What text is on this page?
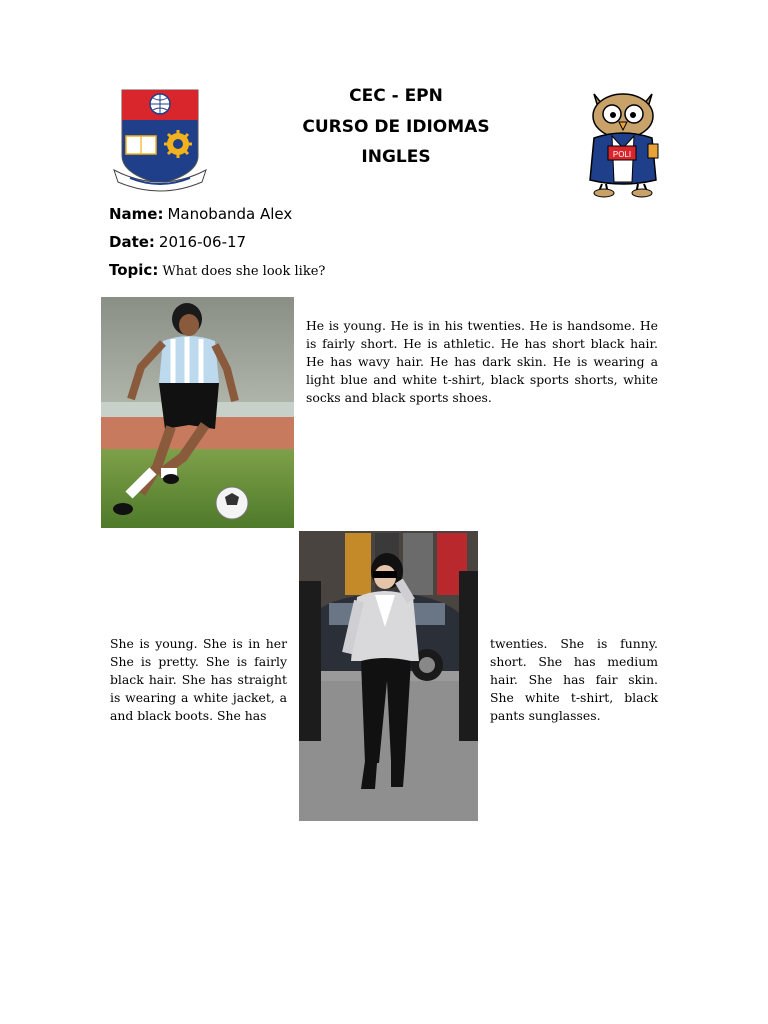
CEC - EPN
CURSO DE IDIOMAS
INGLES	POLI
Name: Manobanda Alex
Date: 2016-06-17
Topic: What does she look like?
He is young. He is in his twenties. He is handsome. He is fairly short. He is athletic. He has short black hair. He has wavy hair. He has dark skin. He is wearing a light blue and white t-shirt, black sports shorts, white socks and black sports shoes.
She is young. She is in her She is pretty. She is fairly black hair. She has straight is wearing a white jacket, a and black boots. She has
twenties. She is funny. short. She has medium hair. She has fair skin. She white t-shirt, black pants sunglasses.
